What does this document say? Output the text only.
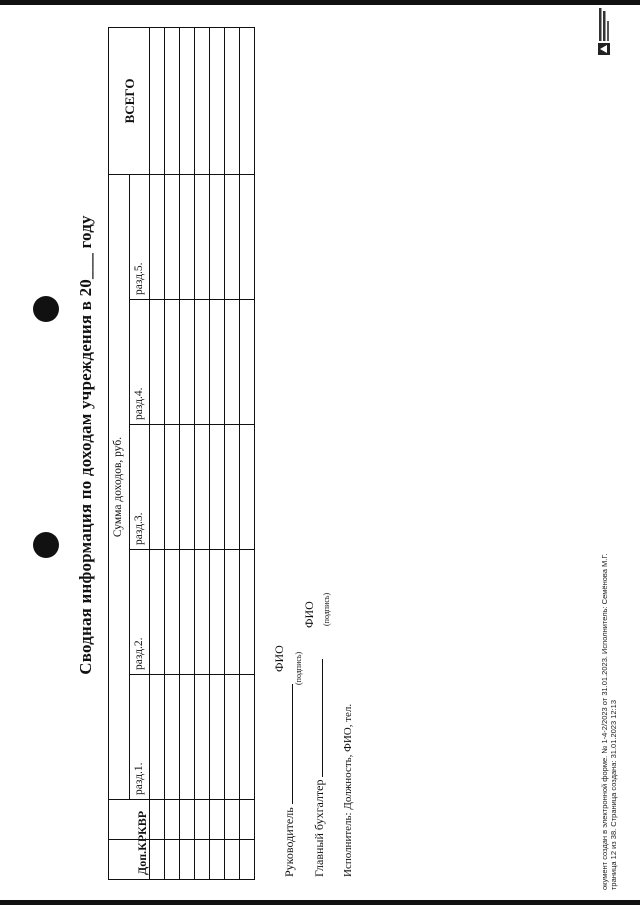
Сводная информация по доходам учреждения в 20___ году
Доп.КР	КВР	Сумма доходов, руб.					ВСЕГО
		разд.1.	разд.2.	разд.3.	разд.4.	разд.5.	

Руководитель
ФИО (подпись)
Главный бухгалтер
ФИО (подпись)
Исполнитель: Должность, ФИО, тел.	окумент создан в электронной форме. № 1-4-2/2023 от 31.01.2023. Исполнитель: Семёнова М.Г. траница 12 из 38. Страница создана: 31.01.2023 12:13
